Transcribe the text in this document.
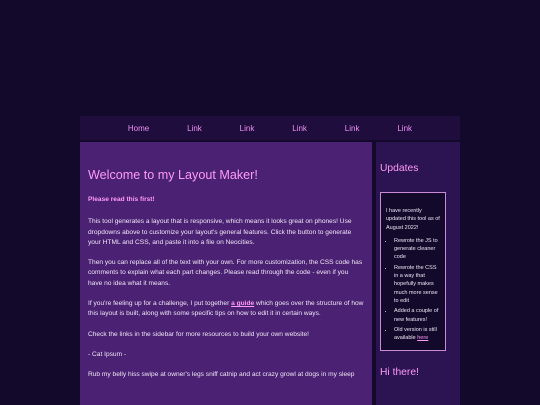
Home	Link	Link	Link	Link	Link
Welcome to my Layout Maker!
Please read this first!

This tool generates a layout that is responsive, which means it looks great on phones! Use dropdowns above to customize your layout's general features. Click the button to generate your HTML and CSS, and paste it into a file on Neocities.

Then you can replace all of the text with your own. For more customization, the CSS code has comments to explain what each part changes. Please read through the code - even if you have no idea what it means.

If you're feeling up for a challenge, I put together a guide which goes over the structure of how this layout is built, along with some specific tips on how to edit it in certain ways.

Check the links in the sidebar for more resources to build your own website!

- Cat Ipsum -

Rub my belly hiss swipe at owner's legs sniff catnip and act crazy growl at dogs in my sleep

Updates

I have recently updated this tool as of August 2022!

• Rewrote the JS to generate cleaner code
• Rewrote the CSS in a way that hopefully makes much more sense to edit
• Added a couple of new features!
• Old version is still available here
Hi there!
